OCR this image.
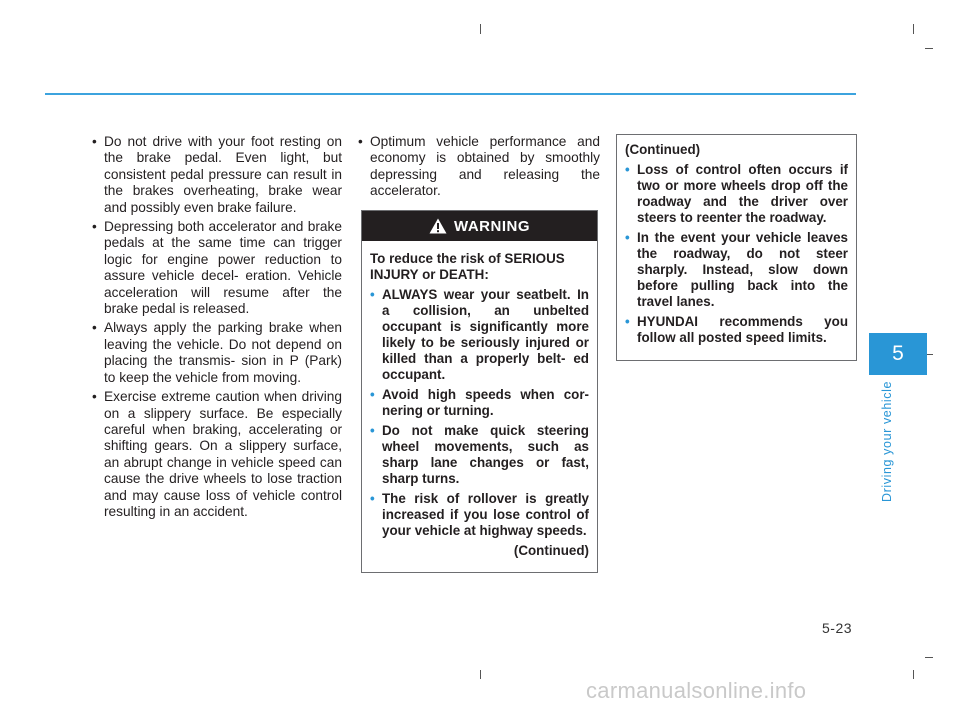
• Do not drive with your foot resting on the brake pedal. Even light, but consistent pedal pressure can result in the brakes overheating, brake wear and possibly even brake failure.
• Depressing both accelerator and brake pedals at the same time can trigger logic for engine power reduction to assure vehicle decel- eration. Vehicle acceleration will resume after the brake pedal is released.
• Always apply the parking brake when leaving the vehicle. Do not depend on placing the transmis- sion in P (Park) to keep the vehicle from moving.
• Exercise extreme caution when driving on a slippery surface. Be especially careful when braking, accelerating or shifting gears. On a slippery surface, an abrupt change in vehicle speed can cause the drive wheels to lose traction and may cause loss of vehicle control resulting in an accident.
• Optimum vehicle performance and economy is obtained by smoothly depressing and releasing the accelerator.
WARNING
To reduce the risk of SERIOUS INJURY or DEATH:
• ALWAYS wear your seatbelt. In a collision, an unbelted occupant is significantly more likely to be seriously injured or killed than a properly belt- ed occupant.
• Avoid high speeds when cor- nering or turning.
• Do not make quick steering wheel movements, such as sharp lane changes or fast, sharp turns.
• The risk of rollover is greatly increased if you lose control of your vehicle at highway speeds.
(Continued)
(Continued)
• Loss of control often occurs if two or more wheels drop off the roadway and the driver over steers to reenter the roadway.
• In the event your vehicle leaves the roadway, do not steer sharply. Instead, slow down before pulling back into the travel lanes.
• HYUNDAI recommends you follow all posted speed limits.
5
Driving your vehicle
5-23
carmanualsonline.info
